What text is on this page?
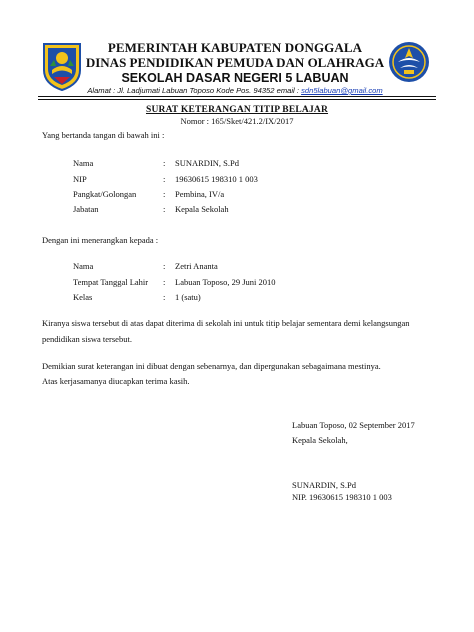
PEMERINTAH KABUPATEN DONGGALA
DINAS PENDIDIKAN PEMUDA DAN OLAHRAGA
SEKOLAH DASAR NEGERI 5 LABUAN
Alamat : Jl. Ladjumati Labuan Toposo Kode Pos. 94352 email : sdn5labuan@gmail.com
SURAT KETERANGAN TITIP BELAJAR
Nomor : 165/Sket/421.2/IX/2017
Yang bertanda tangan di bawah ini :
Nama	: SUNARDIN, S.Pd
NIP	: 19630615 198310 1 003
Pangkat/Golongan	: Pembina, IV/a
Jabatan	: Kepala Sekolah
Dengan ini menerangkan kepada :
Nama	: Zetri Ananta
Tempat Tanggal Lahir : Labuan Toposo, 29 Juni 2010
Kelas	: 1 (satu)
Kiranya siswa tersebut di atas dapat diterima di sekolah ini untuk titip belajar sementara demi kelangsungan
pendidikan siswa tersebut.
Demikian surat keterangan ini dibuat dengan sebenarnya, dan dipergunakan sebagaimana mestinya.
Atas kerjasamanya diucapkan terima kasih.
Labuan Toposo, 02 September 2017
Kepala Sekolah,
SUNARDIN, S.Pd
NIP. 19630615 198310 1 003
